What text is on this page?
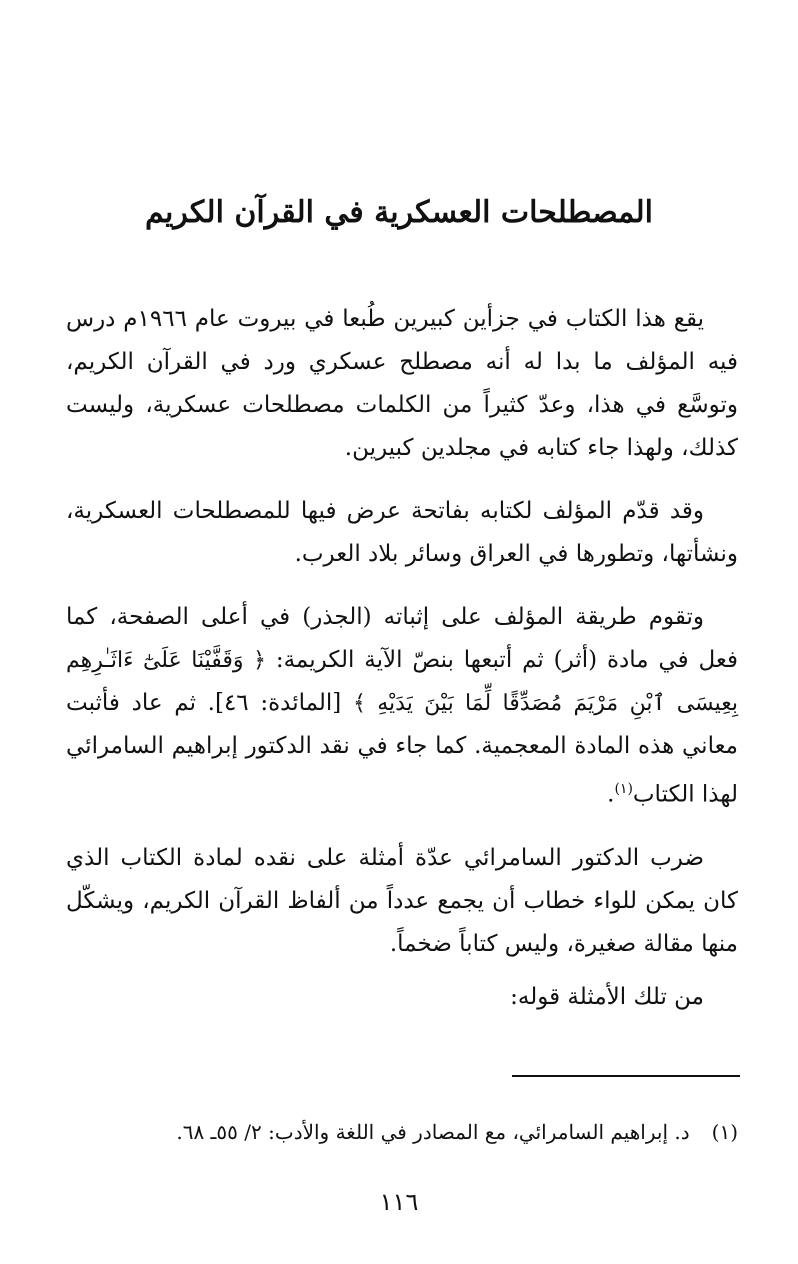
المصطلحات العسكرية في القرآن الكريم

يقع هذا الكتاب في جزأين كبيرين طُبعا في بيروت عام ١٩٦٦م درس فيه المؤلف ما بدا له أنه مصطلح عسكري ورد في القرآن الكريم، وتوسَّع في هذا، وعدّ كثيراً من الكلمات مصطلحات عسكرية، وليست كذلك، ولهذا جاء كتابه في مجلدين كبيرين.

وقد قدّم المؤلف لكتابه بفاتحة عرض فيها للمصطلحات العسكرية، ونشأتها، وتطورها في العراق وسائر بلاد العرب.

وتقوم طريقة المؤلف على إثباته (الجذر) في أعلى الصفحة، كما فعل في مادة (أثر) ثم أتبعها بنصّ الآية الكريمة: ﴿ وَقَفَّيْنَا عَلَىٰٓ ءَاثَـٰرِهِم بِعِيسَى ٱبْنِ مَرْيَمَ مُصَدِّقًا لِّمَا بَيْنَ يَدَيْهِ ﴾ [المائدة: ٤٦]. ثم عاد فأثبت معاني هذه المادة المعجمية. كما جاء في نقد الدكتور إبراهيم السامرائي لهذا الكتاب$^{(١)}$.

ضرب الدكتور السامرائي عدّة أمثلة على نقده لمادة الكتاب الذي كان يمكن للواء خطاب أن يجمع عدداً من ألفاظ القرآن الكريم، ويشكّل منها مقالة صغيرة، وليس كتاباً ضخماً.

من تلك الأمثلة قوله:

(١)د. إبراهيم السامرائي، مع المصادر في اللغة والأدب: ٢/ ٥٥ـ ٦٨.

١١٦
